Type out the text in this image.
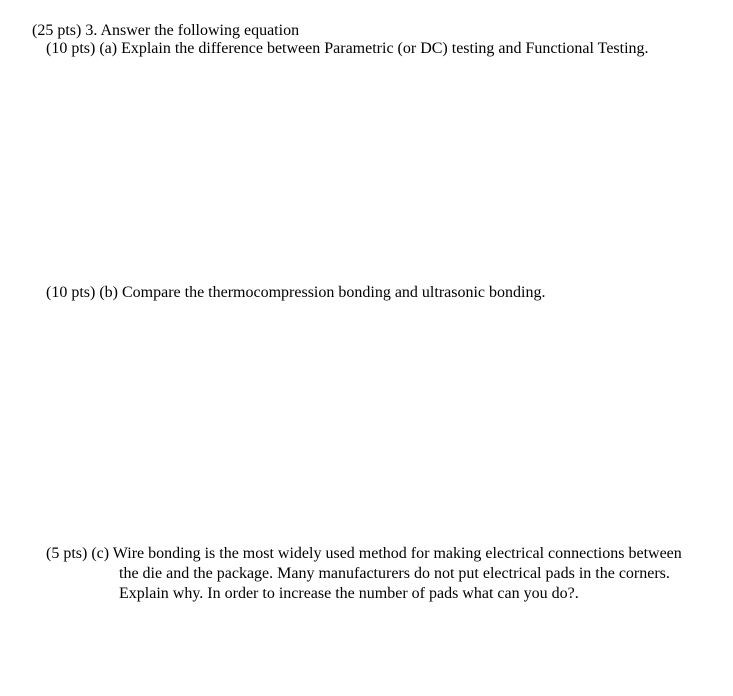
(25 pts) 3. Answer the following equation

(10 pts) (a) Explain the difference between Parametric (or DC) testing and Functional Testing.

(10 pts) (b) Compare the thermocompression bonding and ultrasonic bonding.

(5 pts) (c) Wire bonding is the most widely used method for making electrical connections between
the die and the package. Many manufacturers do not put electrical pads in the corners.
Explain why. In order to increase the number of pads what can you do?.
